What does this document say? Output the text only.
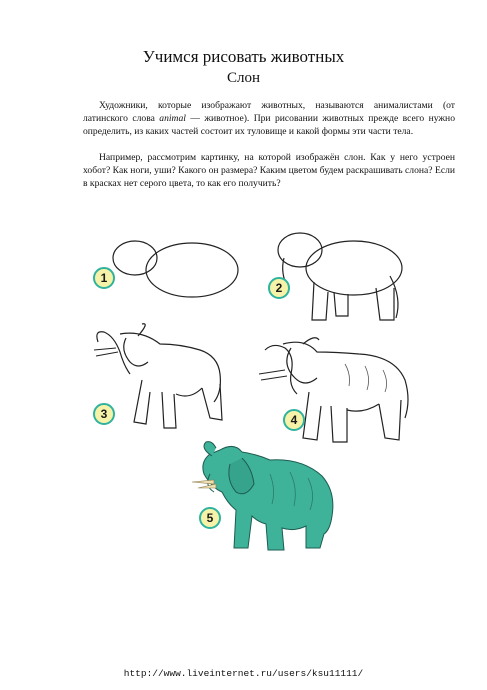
Учимся рисовать животных
Слон
Художники, которые изображают животных, называются анималистами (от латинского слова animal — животное). При рисовании животных прежде всего нужно определить, из каких частей состоит их туловище и какой формы эти части тела.
Например, рассмотрим картинку, на которой изображён слон. Как у него устроен хобот? Как ноги, уши? Какого он размера? Каким цветом будем раскрашивать слона? Если в красках нет серого цвета, то как его получить?
1
2
3	4
5
http://www.liveinternet.ru/users/ksu11111/
